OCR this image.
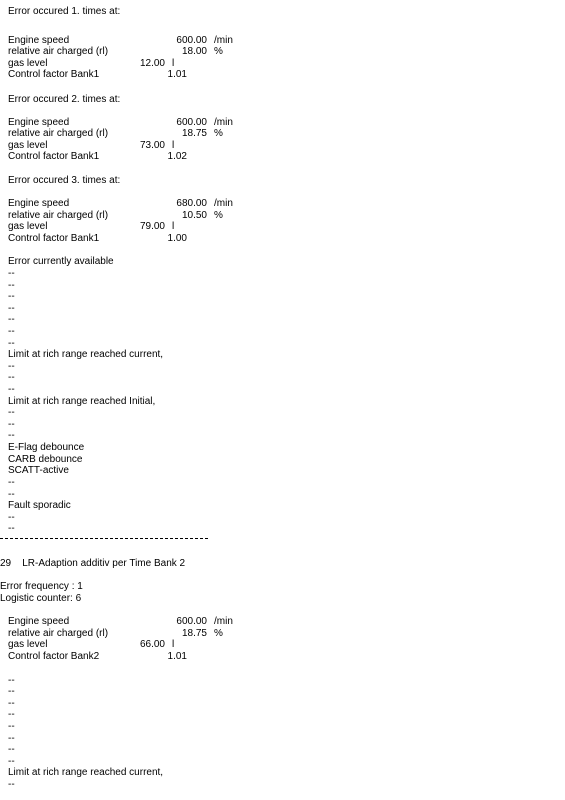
Error occured 1. times at:
Engine speed	600.00 /min
relative air charged (rl)	18.00 %
gas level	12.00 l
Control factor Bank1	1.01
Error occured 2. times at:
Engine speed	600.00 /min
relative air charged (rl)	18.75 %
gas level	73.00 l
Control factor Bank1	1.02
Error occured 3. times at:
Engine speed	680.00 /min
relative air charged (rl)	10.50 %
gas level	79.00 l
Control factor Bank1	1.00
Error currently available
--
--
--
--
--
--
--
Limit at rich range reached current,
--
--
--
Limit at rich range reached Initial,
--
--
--
E-Flag debounce
CARB debounce
SCATT-active
--
--
Fault sporadic
--
--
29    LR-Adaption additiv per Time Bank 2
Error frequency : 1
Logistic counter: 6
Engine speed	600.00 /min
relative air charged (rl)	18.75 %
gas level	66.00 l
Control factor Bank2	1.01
--
--
--
--
--
--
--
--
Limit at rich range reached current,
--
